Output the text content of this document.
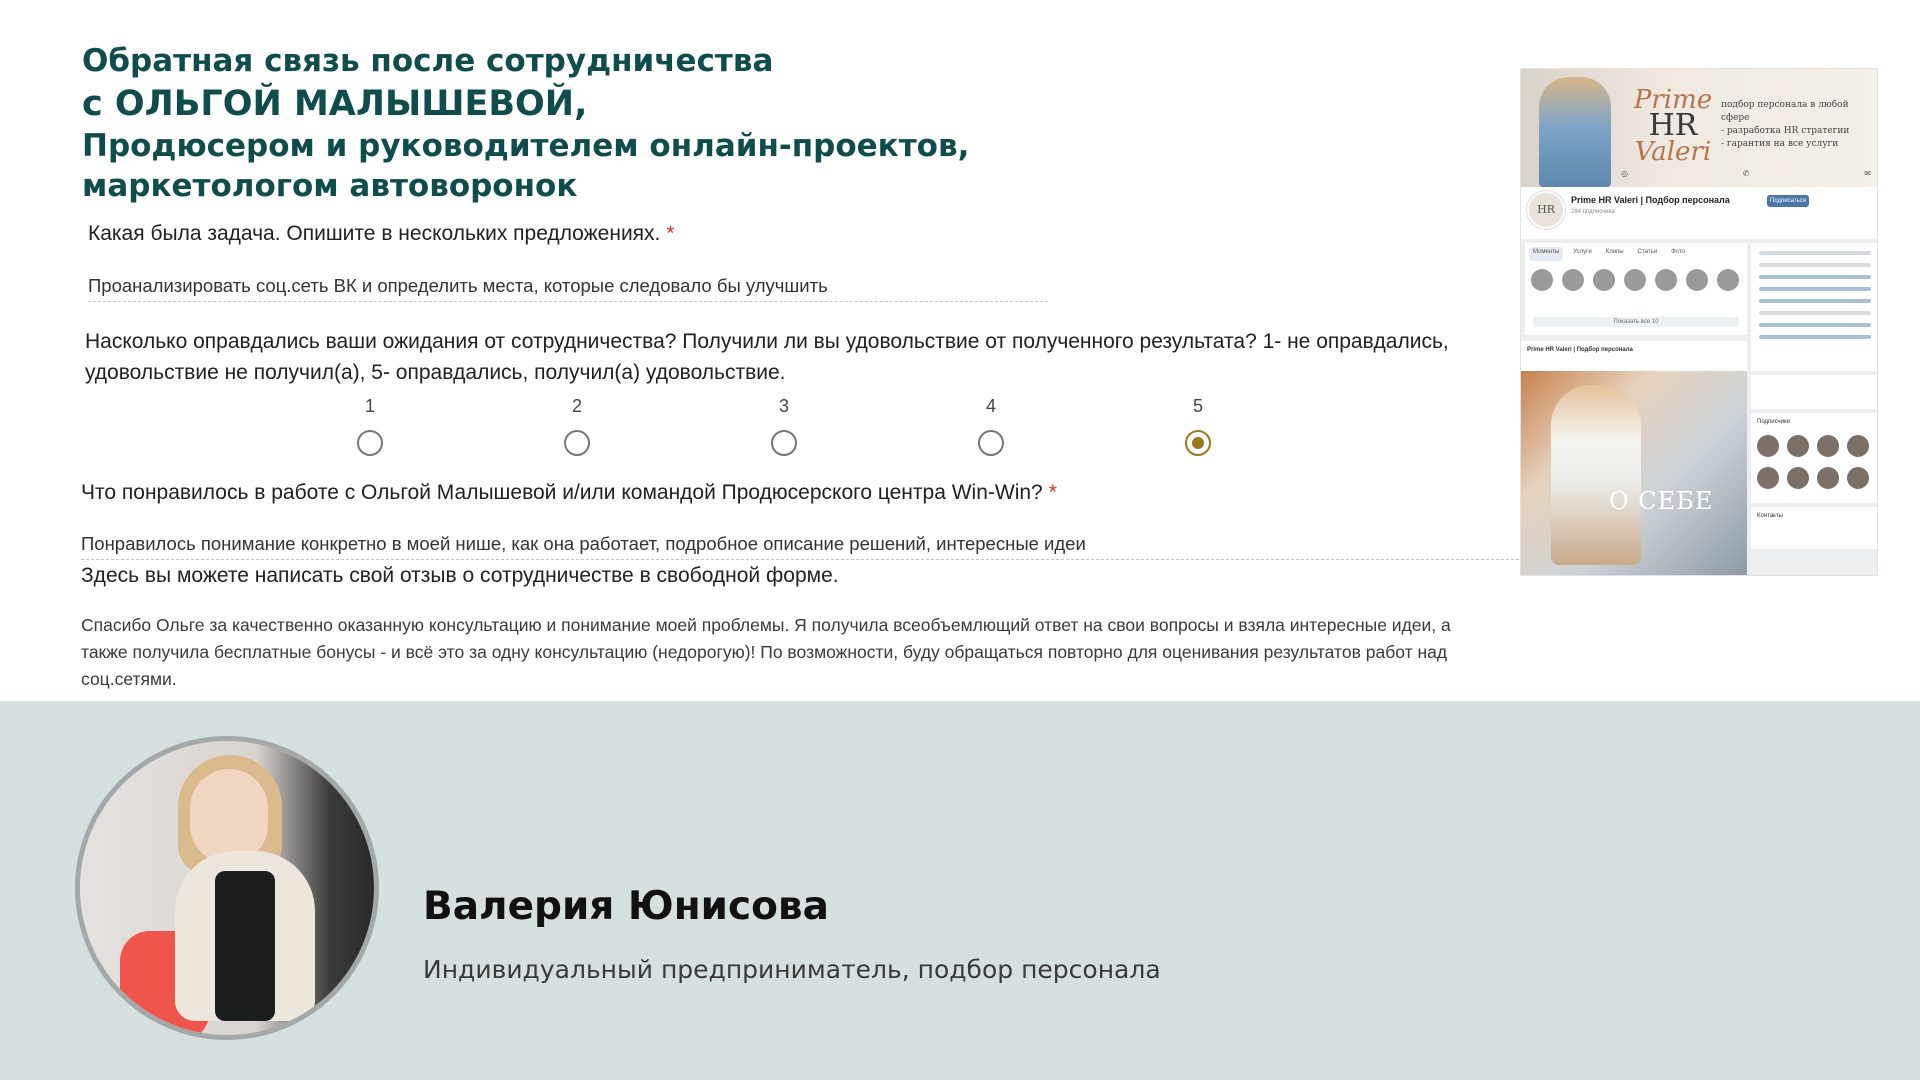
Обратная связь после сотрудничества
с ОЛЬГОЙ МАЛЫШЕВОЙ,
Продюсером и руководителем онлайн-проектов,
маркетологом автоворонок
Какая была задача. Опишите в нескольких предложениях. *
Проанализировать соц.сеть ВК и определить места, которые следовало бы улучшить
Насколько оправдались ваши ожидания от сотрудничества? Получили ли вы удовольствие от полученного результата? 1- не оправдались, удовольствие не получил(а), 5- оправдались, получил(а) удовольствие.
1	2	3	4	5
Что понравилось в работе с Ольгой Малышевой и/или командой Продюсерского центра Win-Win? *
Понравилось понимание конкретно в моей нише, как она работает, подробное описание решений, интересные идеи
Здесь вы можете написать свой отзыв о сотрудничестве в свободной форме.
Спасибо Ольге за качественно оказанную консультацию и понимание моей проблемы. Я получила всеобъемлющий ответ на свои вопросы и взяла интересные идеи, а также получила бесплатные бонусы - и всё это за одну консультацию (недорогую)! По возможности, буду обращаться повторно для оценивания результатов работ над соц.сетями.
Prime
HR
Valeri
подбор персонала в любой сфере
- разработка HR стратегии
- гарантия на все услуги
◎	✆	✉
HR
Prime HR Valeri | Подбор персонала
284 подписчика
Подписаться
Моменты	Услуги	Клипы	Статьи	Фото
Показать все 10
Prime HR Valeri | Подбор персонала
О СЕБЕ
Подписчики
Контакты
Валерия Юнисова
Индивидуальный предприниматель, подбор персонала
